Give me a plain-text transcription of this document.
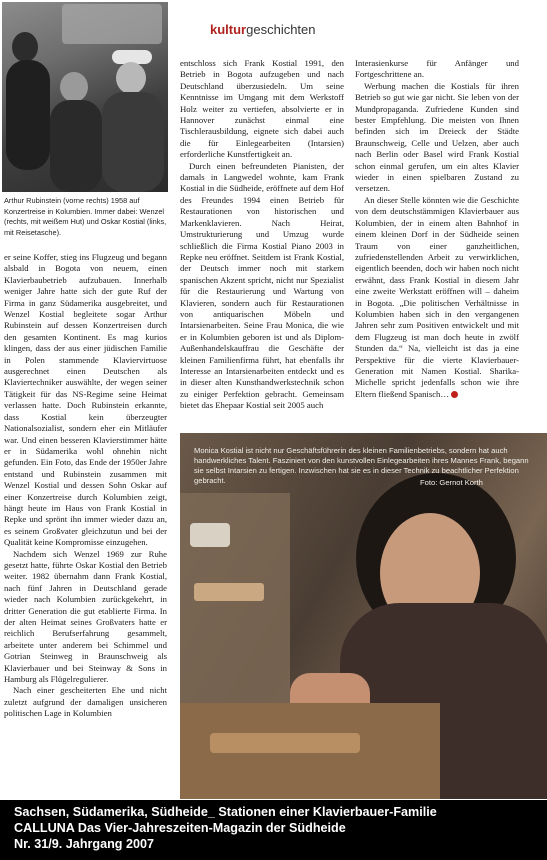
Arthur Rubinstein (vorne rechts) 1958 auf Konzertreise in Kolumbien. Immer dabei: Wenzel (rechts, mit weißem Hut) und Oskar Kostial (links, mit Reisetasche).
kulturgeschichten

er seine Koffer, stieg ins Flugzeug und begann alsbald in Bogota von neuem, einen Klavierbaubetrieb aufzubauen. Innerhalb weniger Jahre hatte sich der gute Ruf der Firma in ganz Südamerika ausgebreitet, und Wenzel Kostial begleitete sogar Arthur Rubinstein auf dessen Konzertreisen durch den gesamten Kontinent. Es mag kurios klingen, dass der aus einer jüdischen Familie in Polen stammende Klaviervirtuose ausgerechnet einen Deutschen als Klaviertechniker auswählte, der wegen seiner Tätigkeit für das NS-Regime seine Heimat verlassen hatte. Doch Rubinstein erkannte, dass Kostial kein überzeugter Nationalsozialist, sondern eher ein Mitläufer war. Und einen besseren Klavierstimmer hätte er in Südamerika wohl ohnehin nicht gefunden. Ein Foto, das Ende der 1950er Jahre entstand und Rubinstein zusammen mit Wenzel Kostial und dessen Sohn Oskar auf einer Konzertreise durch Kolumbien zeigt, hängt heute im Haus von Frank Kostial in Repke und sprönt ihn immer wieder dazu an, es seinem Großvater gleichzutun und bei der Qualität keine Kompromisse einzugehen.

Nachdem sich Wenzel 1969 zur Ruhe gesetzt hatte, führte Oskar Kostial den Betrieb weiter. 1982 übernahm dann Frank Kostial, nach fünf Jahren in Deutschland gerade wieder nach Kolumbien zurückgekehrt, in dritter Generation die gut etablierte Firma. In der alten Heimat seines Großvaters hatte er reichlich Berufserfahrung gesammelt, arbeitete unter anderem bei Schimmel und Gotrian Steinweg in Braunschweig als Klavierbauer und bei Steinway & Sons in Hamburg als Flügelregulierer.

Nach einer gescheiterten Ehe und nicht zuletzt aufgrund der damaligen unsicheren politischen Lage in Kolumbien

entschloss sich Frank Kostial 1991, den Betrieb in Bogota aufzugeben und nach Deutschland überzusiedeln. Um seine Kenntnisse im Umgang mit dem Werkstoff Holz weiter zu vertiefen, absolvierte er in Hannover zunächst einmal eine Tischlerausbildung, eignete sich dabei auch die für Einlegearbeiten (Intarsien) erforderliche Kunstfertigkeit an.

Durch einen befreundeten Pianisten, der damals in Langwedel wohnte, kam Frank Kostial in die Südheide, eröffnete auf dem Hof des Freundes 1994 einen Betrieb für Restaurationen von historischen und Markenklavieren. Nach Heirat, Umstrukturierung und Umzug wurde schließlich die Firma Kostial Piano 2003 in Repke neu eröffnet. Seitdem ist Frank Kostial, der Deutsch immer noch mit starkem spanischen Akzent spricht, nicht nur Spezialist für die Restaurierung und Wartung von Klavieren, sondern auch für Restaurationen von antiquarischen Möbeln und Intarsienarbeiten. Seine Frau Monica, die wie er in Kolumbien geboren ist und als Diplom-Außenhandelskauffrau die Geschäfte der kleinen Familienfirma führt, hat ebenfalls ihr Interesse an Intarsienarbeiten entdeckt und es in dieser alten Kunsthandwerkstechnik schon zu einiger Perfektion gebracht. Gemeinsam bietet das Ehepaar Kostial seit 2005 auch

Interasienkurse für Anfänger und Fortgeschrittene an.

Werbung machen die Kostials für ihren Betrieb so gut wie gar nicht. Sie leben von der Mundpropaganda. Zufriedene Kunden sind bester Empfehlung. Die meisten von Ihnen befinden sich im Dreieck der Städte Braunschweig, Celle und Uelzen, aber auch nach Berlin oder Basel wird Frank Kostial schon einmal gerufen, um ein altes Klavier wieder in einen spielbaren Zustand zu versetzen.

An dieser Stelle könnten wie die Geschichte von dem deutschstämmigen Klavierbauer aus Kolumbien, der in einem alten Bahnhof in einem kleinen Dorf in der Südheide seinen Traum von einer ganzheitlichen, zufriedenstellenden Arbeit zu verwirklichen, eigentlich beenden, doch wir haben noch nicht erwähnt, dass Frank Kostial in diesem Jahr eine zweite Werkstatt eröffnen will – daheim in Bogota. „Die politischen Verhältnisse in Kolumbien haben sich in den vergangenen Jahren sehr zum Positiven entwickelt und mit dem Flugzeug ist man doch heute in zwölf Stunden da.“ Na, vielleicht ist das ja eine Perspektive für die vierte Klavierbauer-Generation mit Namen Kostial. Sharika-Michelle spricht jedenfalls schon wie ihre Eltern fließend Spanisch…

Monica Kostial ist nicht nur Geschäftsführerin des kleinen Familienbetriebs, sondern hat auch handwerkliches Talent. Fasziniert von den kunstvollen Einlegearbeiten ihres Mannes Frank, begann sie selbst Intarsien zu fertigen. Inzwischen hat sie es in dieser Technik zu beachtlicher Perfektion gebracht.	Foto: Gernot Korth
Sachsen, Südamerika, Südheide_ Stationen einer Klavierbauer-Familie
CALLUNA Das Vier-Jahreszeiten-Magazin der Südheide
Nr. 31/9. Jahrgang 2007
